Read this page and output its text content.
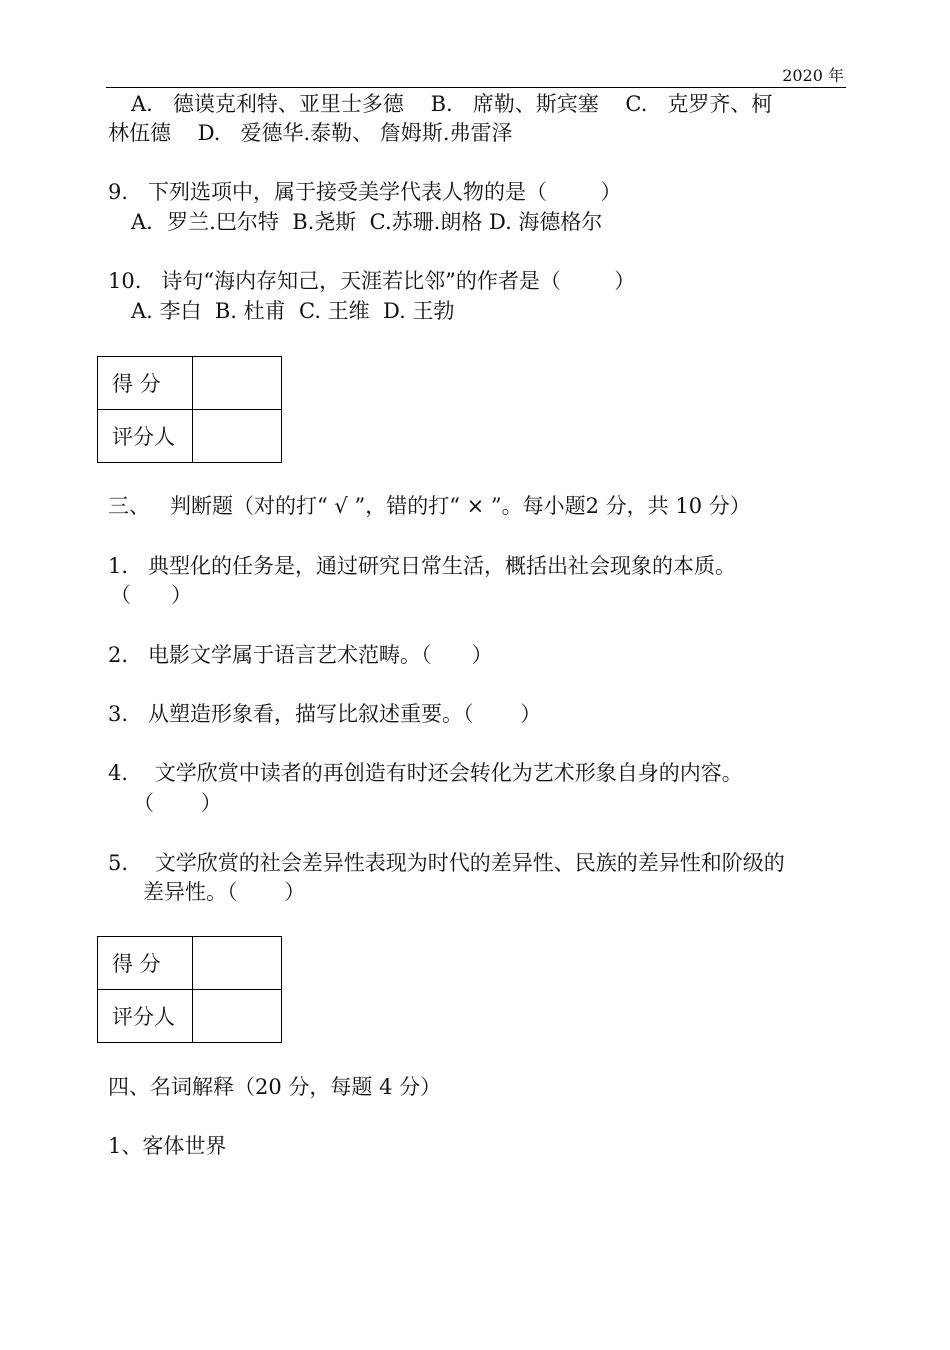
2020 年
A.   德谟克利特、亚里士多德    B.   席勒、斯宾塞    C.   克罗齐、柯
林伍德    D.   爱德华.泰勒、 詹姆斯.弗雷泽
9.   下列选项中，属于接受美学代表人物的是（        ）
A．罗兰.巴尔特  B.尧斯  C.苏珊.朗格 D. 海德格尔
10.   诗句“海内存知己，天涯若比邻”的作者是（        ）
A. 李白  B. 杜甫  C. 王维  D. 王勃
得 分	
评分人	
三、   判断题（对的打“ √ ”，错的打“ × ”。每小题2 分，共 10 分）
1.   典型化的任务是，通过研究日常生活，概括出社会现象的本质。
（      ）
2.   电影文学属于语言艺术范畴。（      ）
3.   从塑造形象看，描写比叙述重要。（       ）
4.    文学欣赏中读者的再创造有时还会转化为艺术形象自身的内容。
（       ）
5.    文学欣赏的社会差异性表现为时代的差异性、民族的差异性和阶级的
差异性。（       ）
得 分	
评分人	
四、名词解释（20 分，每题 4 分）
1、客体世界
